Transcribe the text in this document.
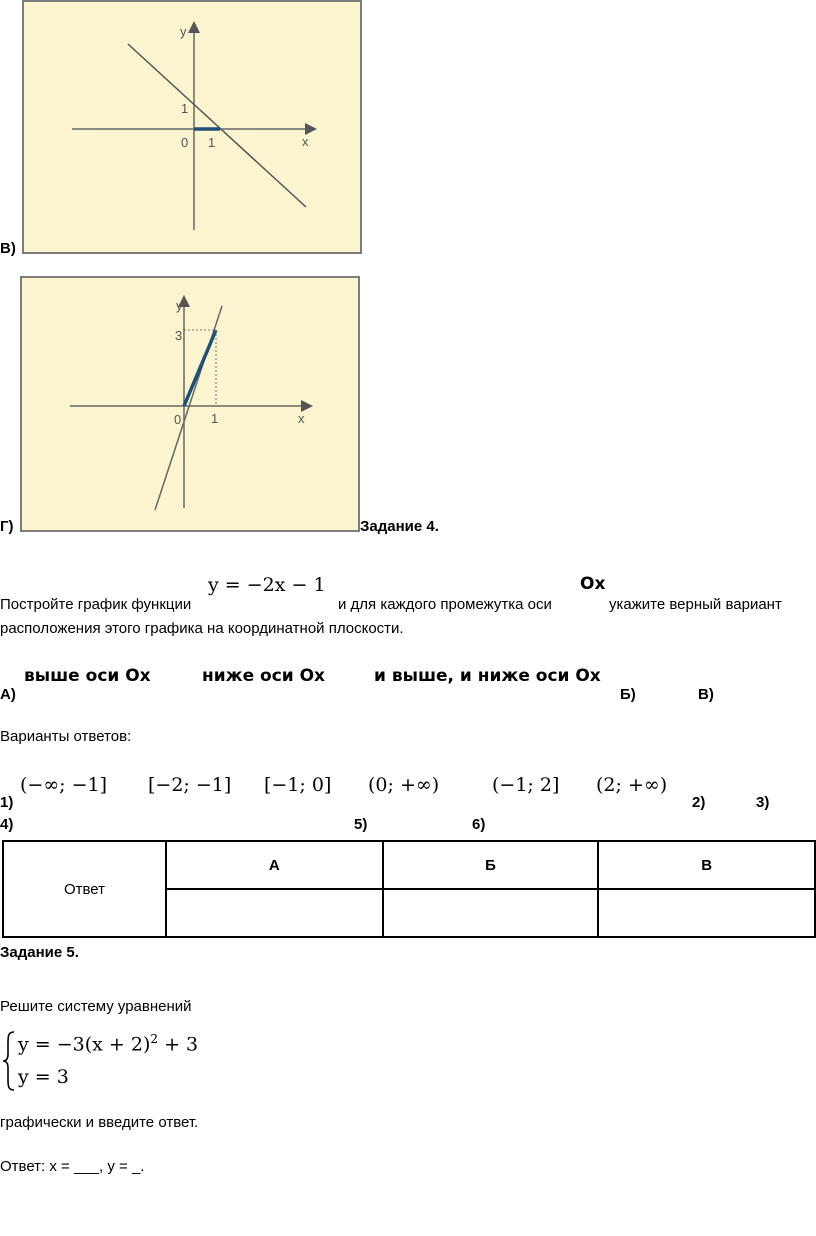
y
x
1
0 1
В)
y
x
3
0 1
Г)	Задание 4.
Постройте график функции
y = −2x − 1
и для каждого промежутка оси
Ox
укажите верный вариант
расположения этого графика на координатной плоскости.
выше оси Ox	ниже оси Ox	и выше, и ниже оси Ox
А)	Б)	В)
Варианты ответов:
(−∞; −1] [−2; −1] [−1; 0] (0; +∞)	(−1; 2] (2; +∞)
1)	2)	3)
4)	5)	6)
Ответ	А	Б	В

Задание 5.
Решите систему уравнений
$y = -3(x + 2)^2 + 3$
y = 3
графически и введите ответ.
Ответ: х = ___, у = _.
